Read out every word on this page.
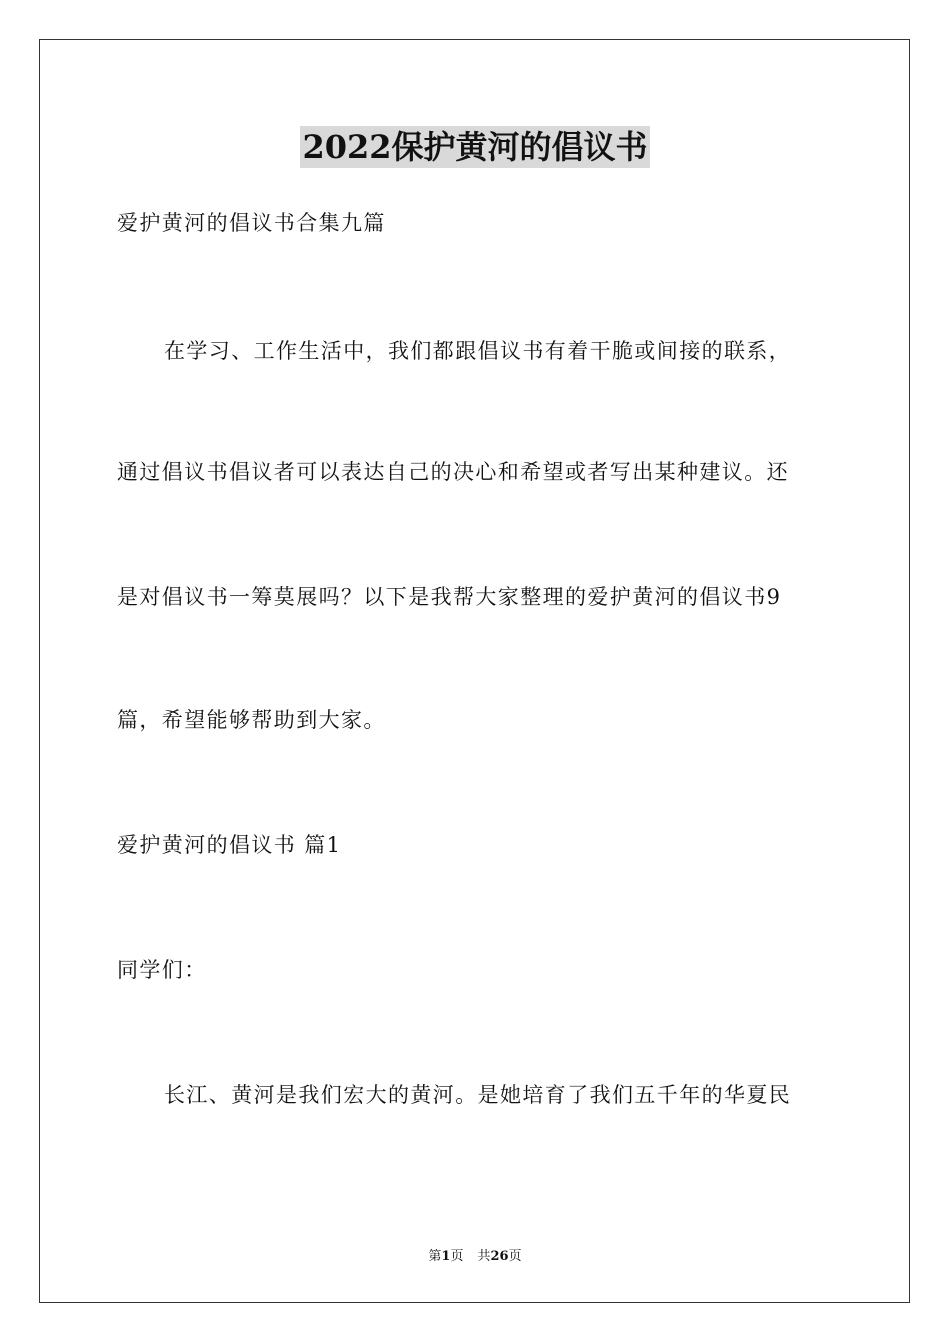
2022保护黄河的倡议书
爱护黄河的倡议书合集九篇
在学习、工作生活中，我们都跟倡议书有着干脆或间接的联系，
通过倡议书倡议者可以表达自己的决心和希望或者写出某种建议。还
是对倡议书一筹莫展吗？以下是我帮大家整理的爱护黄河的倡议书9
篇，希望能够帮助到大家。
爱护黄河的倡议书 篇1
同学们：
长江、黄河是我们宏大的黄河。是她培育了我们五千年的华夏民
第1页 共26页
